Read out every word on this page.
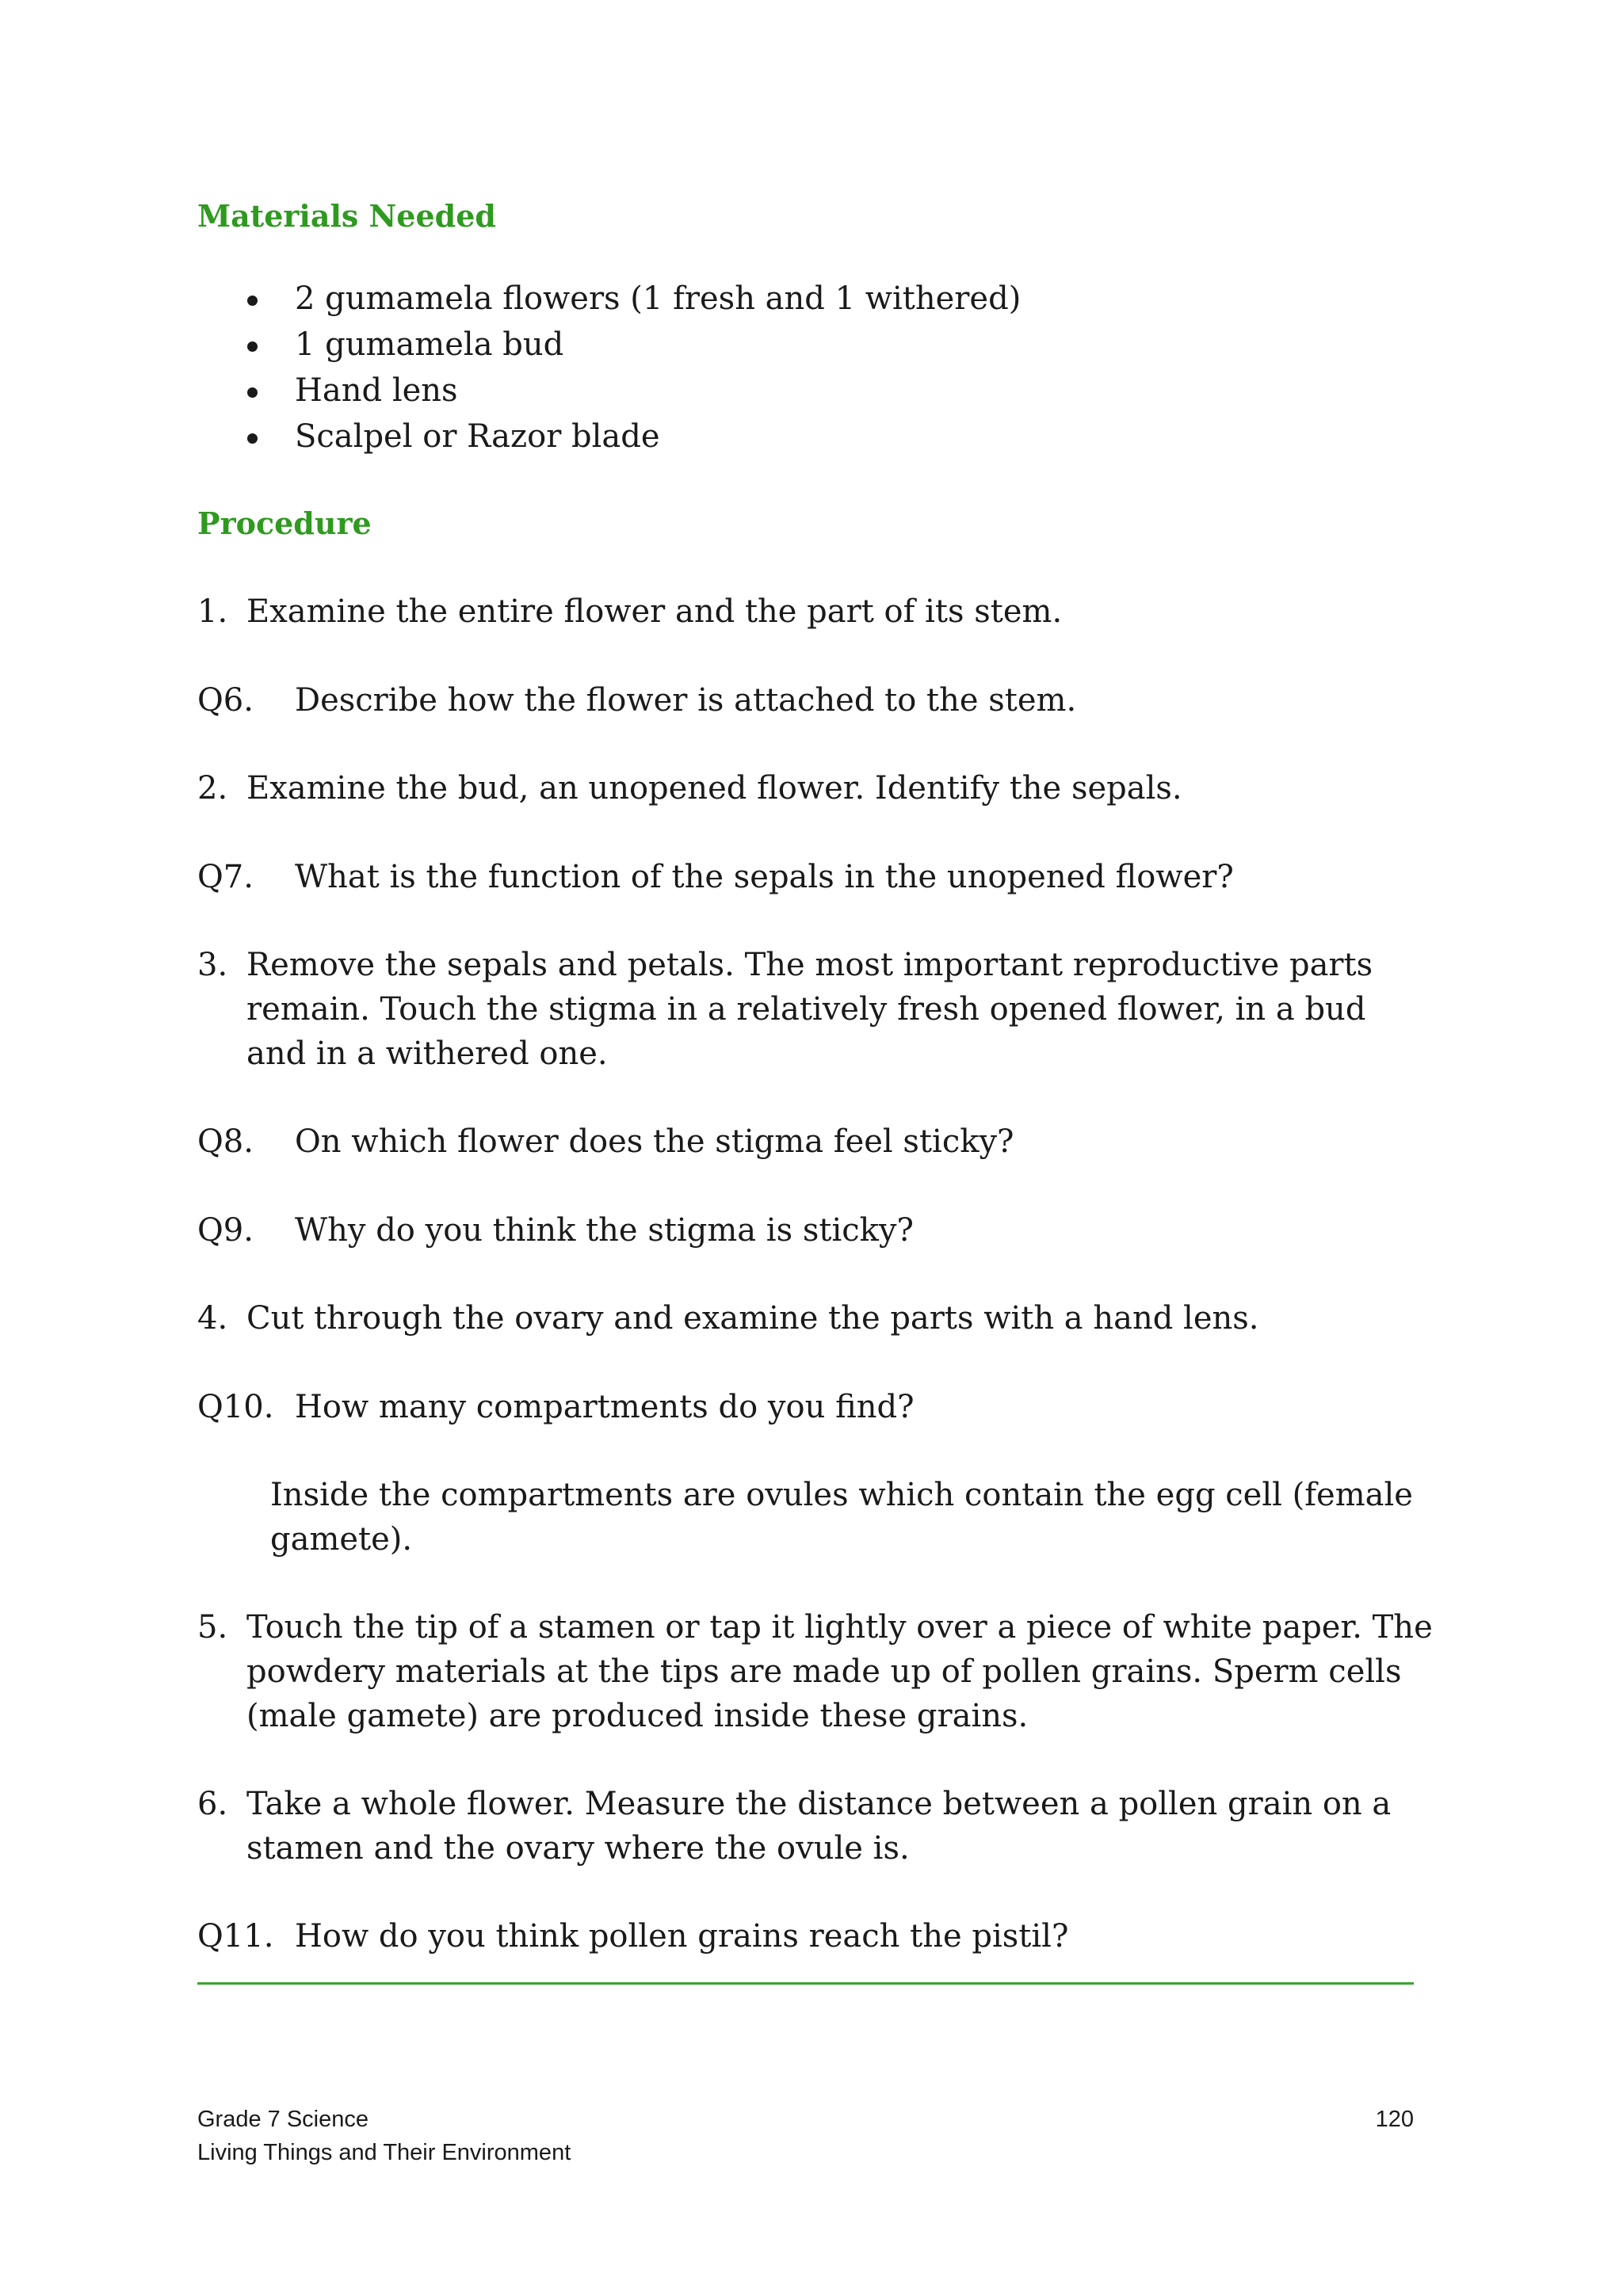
Materials Needed
2 gumamela flowers (1 fresh and 1 withered)
1 gumamela bud
Hand lens
Scalpel or Razor blade
Procedure
1. Examine the entire flower and the part of its stem.
Q6. Describe how the flower is attached to the stem.
2. Examine the bud, an unopened flower. Identify the sepals.
Q7. What is the function of the sepals in the unopened flower?
3. Remove the sepals and petals. The most important reproductive parts remain. Touch the stigma in a relatively fresh opened flower, in a bud and in a withered one.
Q8. On which flower does the stigma feel sticky?
Q9. Why do you think the stigma is sticky?
4. Cut through the ovary and examine the parts with a hand lens.
Q10. How many compartments do you find?
Inside the compartments are ovules which contain the egg cell (female gamete).
5. Touch the tip of a stamen or tap it lightly over a piece of white paper. The powdery materials at the tips are made up of pollen grains. Sperm cells (male gamete) are produced inside these grains.
6. Take a whole flower. Measure the distance between a pollen grain on a stamen and the ovary where the ovule is.
Q11. How do you think pollen grains reach the pistil?
Grade 7 Science
Living Things and Their Environment
120
